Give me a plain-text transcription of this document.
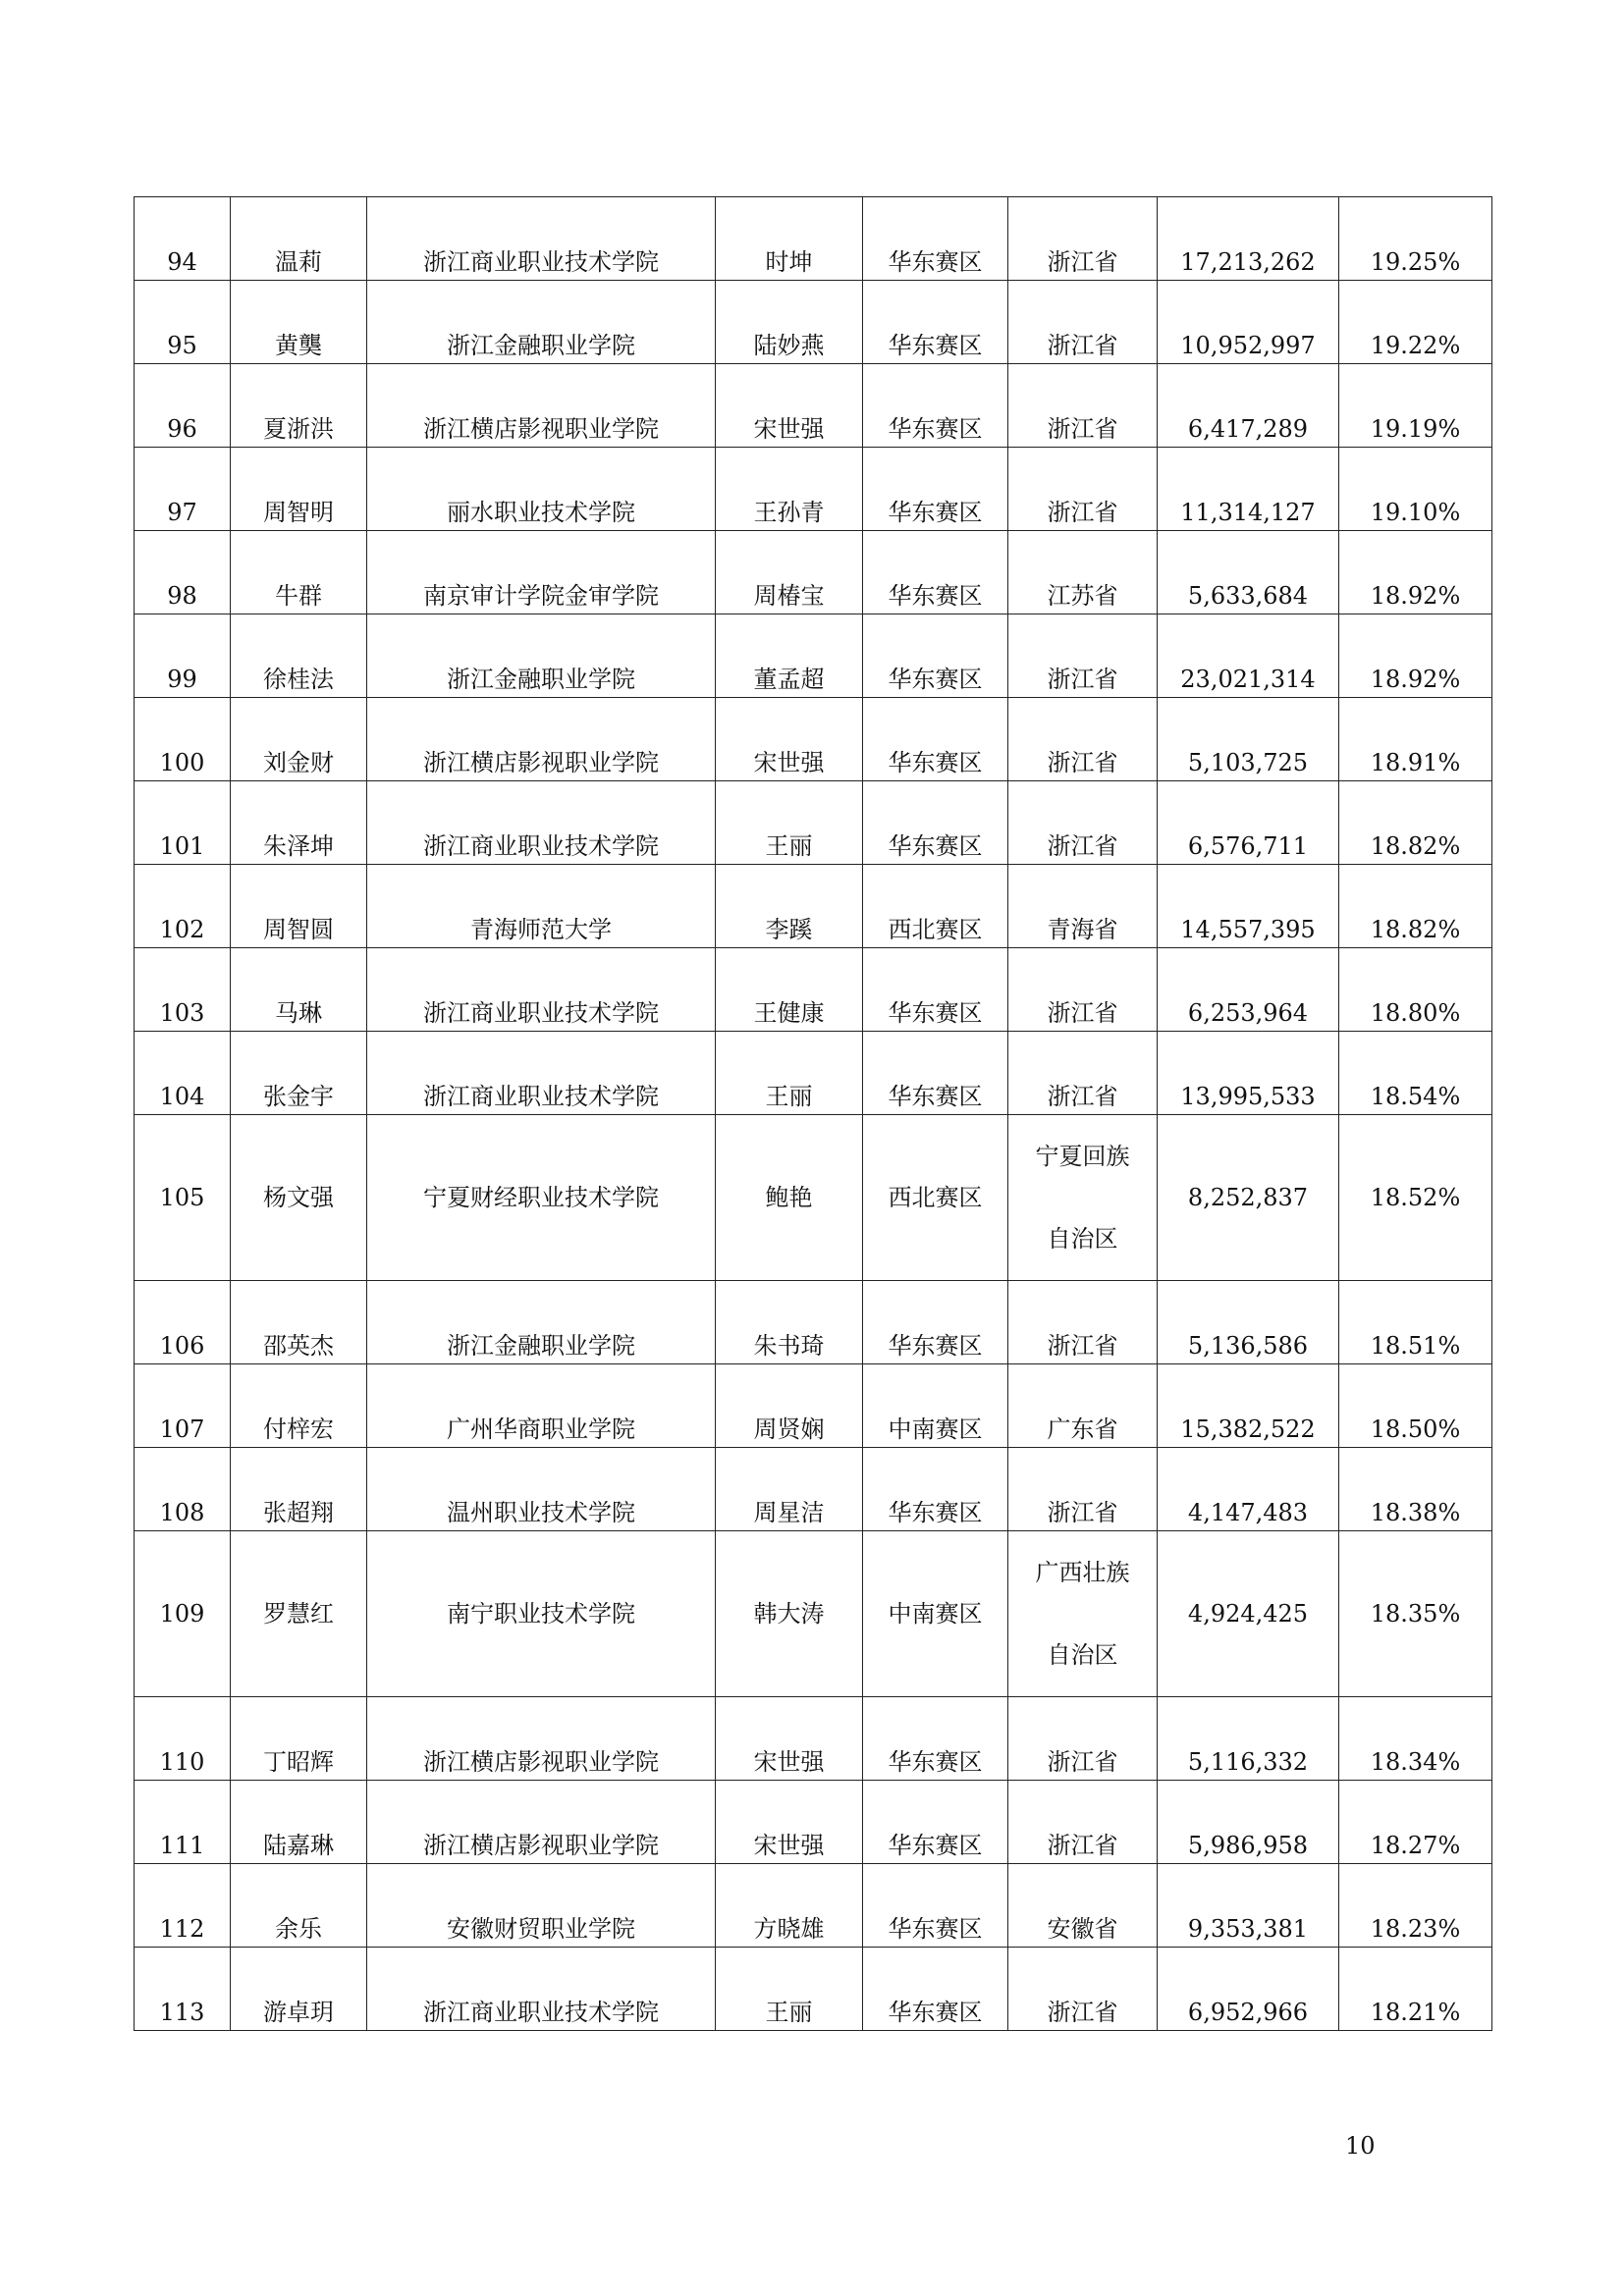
94	温莉	浙江商业职业技术学院	时坤	华东赛区	浙江省	17,213,262	19.25%
95	黄龑	浙江金融职业学院	陆妙燕	华东赛区	浙江省	10,952,997	19.22%
96	夏浙洪	浙江横店影视职业学院	宋世强	华东赛区	浙江省	6,417,289	19.19%
97	周智明	丽水职业技术学院	王孙青	华东赛区	浙江省	11,314,127	19.10%
98	牛群	南京审计学院金审学院	周椿宝	华东赛区	江苏省	5,633,684	18.92%
99	徐桂法	浙江金融职业学院	董孟超	华东赛区	浙江省	23,021,314	18.92%
100	刘金财	浙江横店影视职业学院	宋世强	华东赛区	浙江省	5,103,725	18.91%
101	朱泽坤	浙江商业职业技术学院	王丽	华东赛区	浙江省	6,576,711	18.82%
102	周智圆	青海师范大学	李蹊	西北赛区	青海省	14,557,395	18.82%
103	马琳	浙江商业职业技术学院	王健康	华东赛区	浙江省	6,253,964	18.80%
104	张金宇	浙江商业职业技术学院	王丽	华东赛区	浙江省	13,995,533	18.54%
105	杨文强	宁夏财经职业技术学院	鲍艳	西北赛区	宁夏回族
自治区	8,252,837	18.52%
106	邵英杰	浙江金融职业学院	朱书琦	华东赛区	浙江省	5,136,586	18.51%
107	付梓宏	广州华商职业学院	周贤娴	中南赛区	广东省	15,382,522	18.50%
108	张超翔	温州职业技术学院	周星洁	华东赛区	浙江省	4,147,483	18.38%
109	罗慧红	南宁职业技术学院	韩大涛	中南赛区	广西壮族
自治区	4,924,425	18.35%
110	丁昭辉	浙江横店影视职业学院	宋世强	华东赛区	浙江省	5,116,332	18.34%
111	陆嘉琳	浙江横店影视职业学院	宋世强	华东赛区	浙江省	5,986,958	18.27%
112	余乐	安徽财贸职业学院	方晓雄	华东赛区	安徽省	9,353,381	18.23%
113	游卓玥	浙江商业职业技术学院	王丽	华东赛区	浙江省	6,952,966	18.21%
10
